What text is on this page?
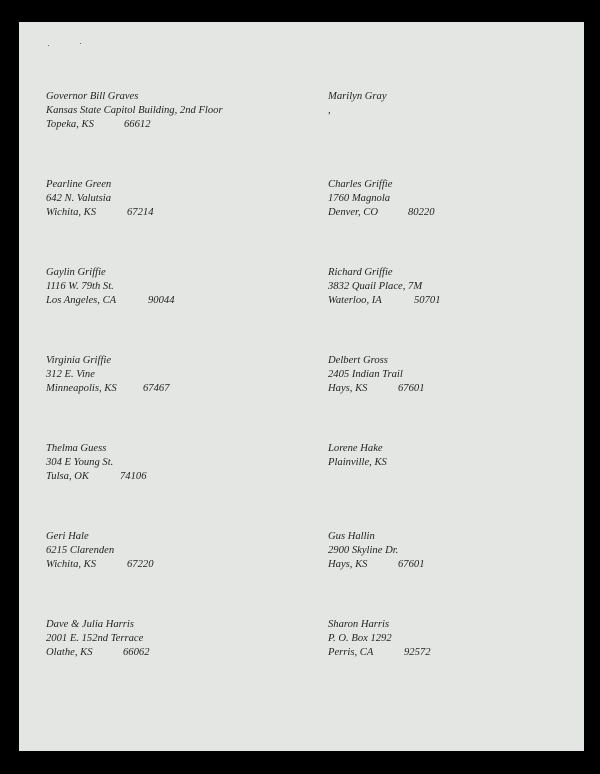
Governor Bill Graves
Kansas State Capitol Building, 2nd Floor
Topeka, KS	66612
Marilyn Gray
,
Pearline Green
642 N. Valutsia
Wichita, KS	67214
Charles Griffie
1760 Magnola
Denver, CO	80220
Gaylin Griffie
1116 W. 79th St.
Los Angeles, CA	90044
Richard Griffie
3832 Quail Place, 7M
Waterloo, IA	50701
Virginia Griffie
312 E. Vine
Minneapolis, KS 67467
Delbert Gross
2405 Indian Trail
Hays, KS	67601
Thelma Guess
304 E Young St.
Tulsa, OK	74106
Lorene Hake
Plainville, KS
Geri Hale
6215 Clarenden
Wichita, KS	67220
Gus Hallin
2900 Skyline Dr.
Hays, KS	67601
Dave & Julia Harris
2001 E. 152nd Terrace
Olathe, KS	66062
Sharon Harris
P. O. Box 1292
Perris, CA	92572
